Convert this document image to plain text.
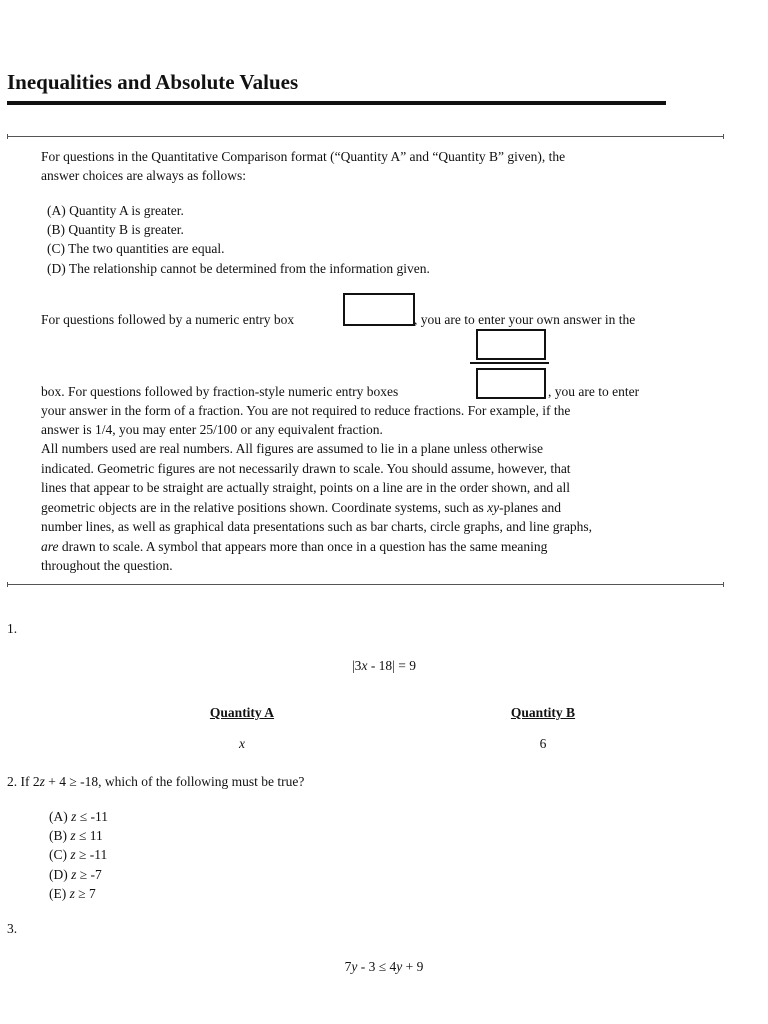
Inequalities and Absolute Values
For questions in the Quantitative Comparison format (“Quantity A” and “Quantity B” given), the
answer choices are always as follows:
(A) Quantity A is greater.
(B) Quantity B is greater.
(C) The two quantities are equal.
(D) The relationship cannot be determined from the information given.
For questions followed by a numeric entry box	, you are to enter your own answer in the
box. For questions followed by fraction-style numeric entry boxes	, you are to enter
your answer in the form of a fraction. You are not required to reduce fractions. For example, if the
answer is 1/4, you may enter 25/100 or any equivalent fraction.
All numbers used are real numbers. All figures are assumed to lie in a plane unless otherwise
indicated. Geometric figures are not necessarily drawn to scale. You should assume, however, that
lines that appear to be straight are actually straight, points on a line are in the order shown, and all
geometric objects are in the relative positions shown. Coordinate systems, such as xy-planes and
number lines, as well as graphical data presentations such as bar charts, circle graphs, and line graphs,
are drawn to scale. A symbol that appears more than once in a question has the same meaning
throughout the question.
1.
|3x - 18| = 9
Quantity A	Quantity B
x	6
2. If 2z + 4 ≥ -18, which of the following must be true?
(A) z ≤ -11
(B) z ≤ 11
(C) z ≥ -11
(D) z ≥ -7
(E) z ≥ 7
3.
7y - 3 ≤ 4y + 9
